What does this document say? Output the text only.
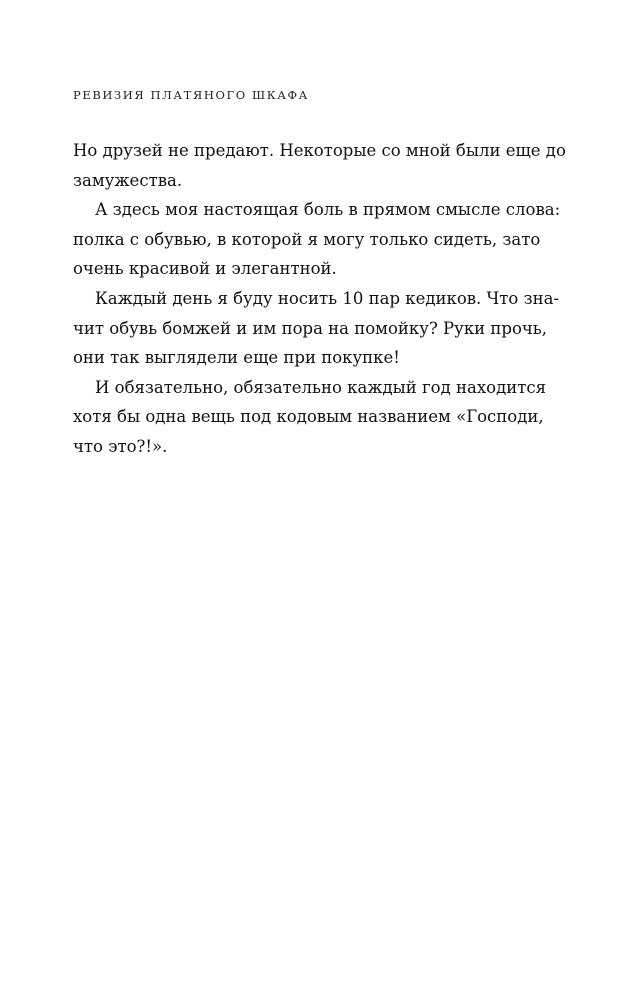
РЕВИЗИЯ ПЛАТЯНОГО ШКАФА
Но друзей не предают. Некоторые со мной были еще до
замужества.
А здесь моя настоящая боль в прямом смысле слова:
полка с обувью, в которой я могу только сидеть, зато
очень красивой и элегантной.
Каждый день я буду носить 10 пар кедиков. Что зна-
чит обувь бомжей и им пора на помойку? Руки прочь,
они так выглядели еще при покупке!
И обязательно, обязательно каждый год находится
хотя бы одна вещь под кодовым названием «Господи,
что это?!».
